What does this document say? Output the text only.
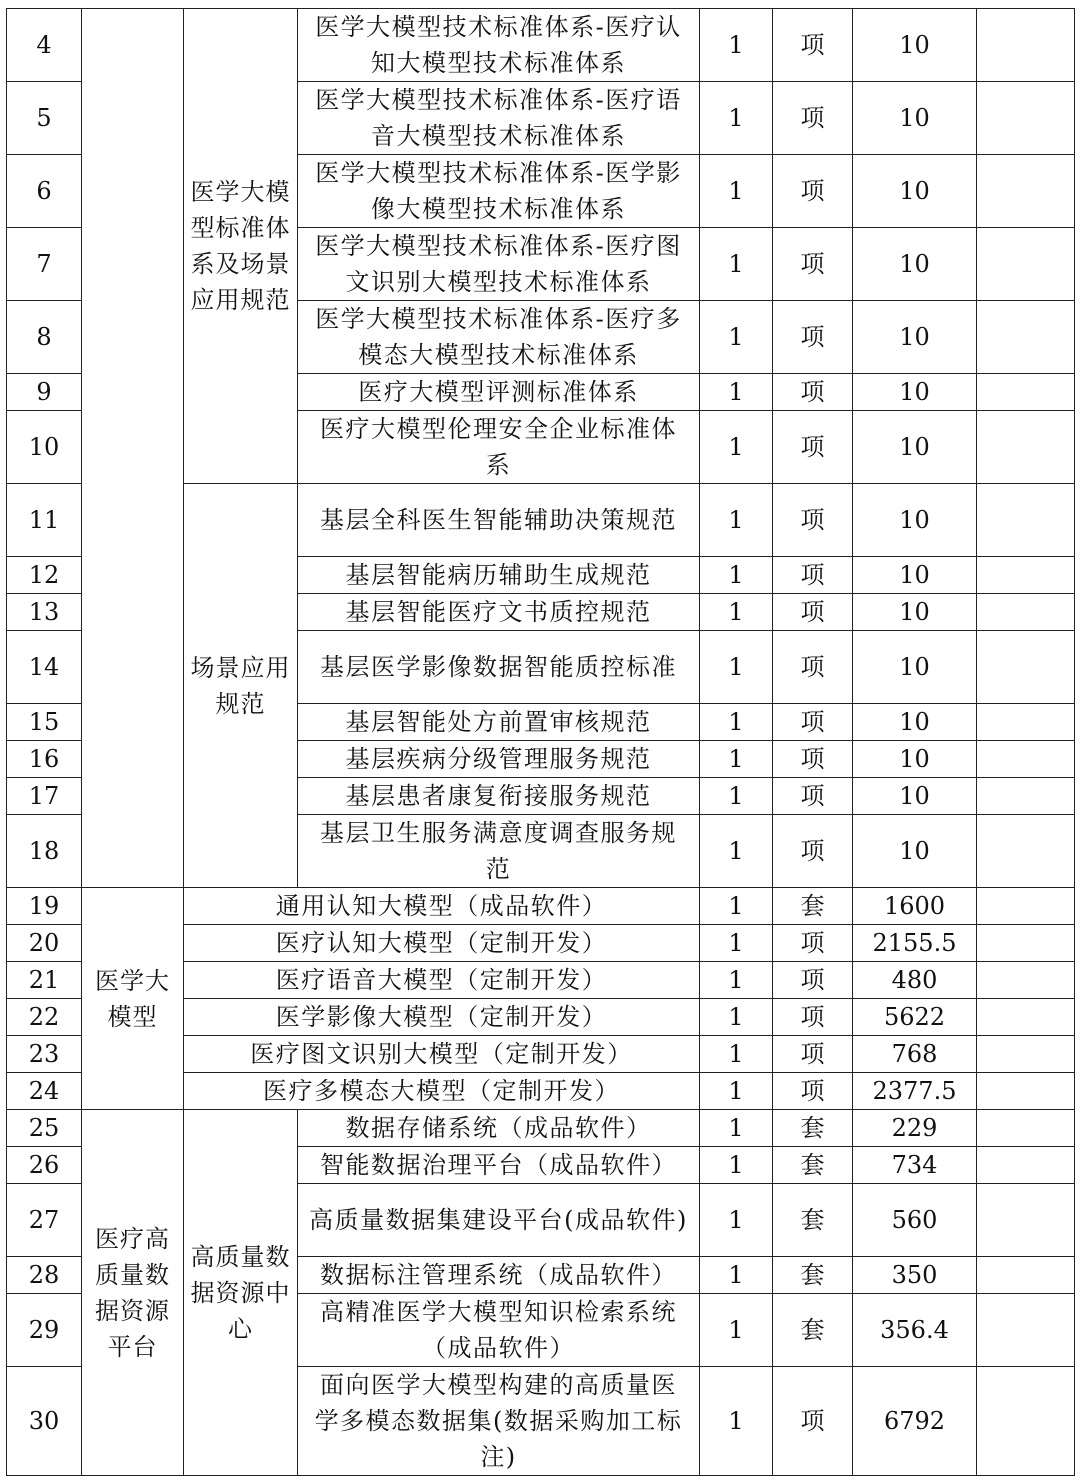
4		医学大模型标准体系及场景应用规范	医学大模型技术标准体系-医疗认知大模型技术标准体系	1	项	10	
5			医学大模型技术标准体系-医疗语音大模型技术标准体系	1	项	10	
6			医学大模型技术标准体系-医学影像大模型技术标准体系	1	项	10	
7			医学大模型技术标准体系-医疗图文识别大模型技术标准体系	1	项	10	
8			医学大模型技术标准体系-医疗多模态大模型技术标准体系	1	项	10	
9			医疗大模型评测标准体系	1	项	10	
10			医疗大模型伦理安全企业标准体系	1	项	10	
11		场景应用规范	基层全科医生智能辅助决策规范	1	项	10	
12			基层智能病历辅助生成规范	1	项	10	
13			基层智能医疗文书质控规范	1	项	10	
14			基层医学影像数据智能质控标准	1	项	10	
15			基层智能处方前置审核规范	1	项	10	
16			基层疾病分级管理服务规范	1	项	10	
17			基层患者康复衔接服务规范	1	项	10	
18			基层卫生服务满意度调查服务规范	1	项	10	
19	医学大模型	通用认知大模型（成品软件）		1	套	1600	
20		医疗认知大模型（定制开发）		1	项	2155.5	
21		医疗语音大模型（定制开发）		1	项	480	
22		医学影像大模型（定制开发）		1	项	5622	
23		医疗图文识别大模型（定制开发）		1	项	768	
24		医疗多模态大模型（定制开发）		1	项	2377.5	
25	医疗高质量数据资源平台	高质量数据资源中心	数据存储系统（成品软件）	1	套	229	
26			智能数据治理平台（成品软件）	1	套	734	
27			高质量数据集建设平台(成品软件)	1	套	560	
28			数据标注管理系统（成品软件）	1	套	350	
29			高精准医学大模型知识检索系统（成品软件）	1	套	356.4	
30			面向医学大模型构建的高质量医学多模态数据集(数据采购加工标注)	1	项	6792	
